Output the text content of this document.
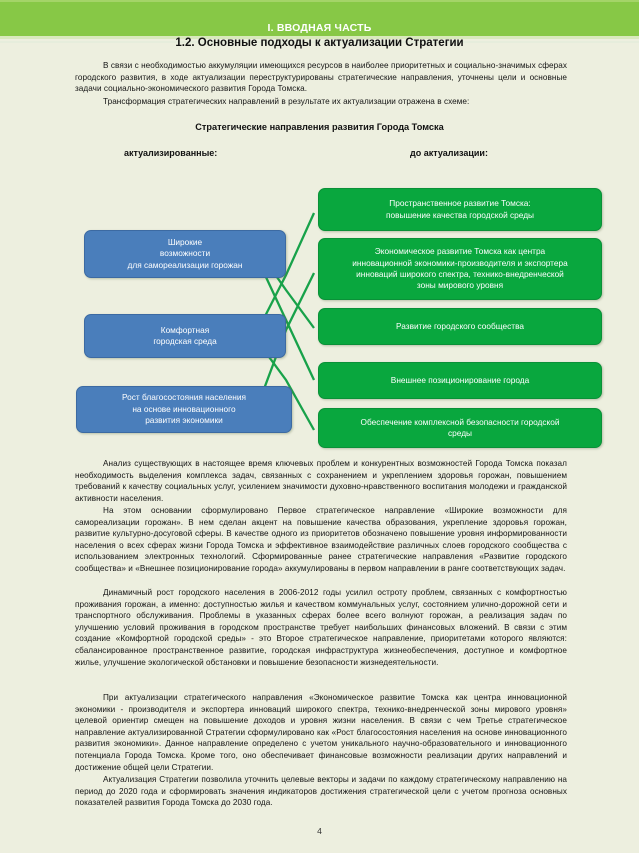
I. ВВОДНАЯ ЧАСТЬ
1.2. Основные подходы к актуализации Стратегии
В связи с необходимостью аккумуляции имеющихся ресурсов в наиболее приоритетных и социально-значимых сферах городского развития, в ходе актуализации переструктурированы стратегические направления, уточнены цели и основные задачи социально-экономического развития Города Томска.
Трансформация стратегических направлений в результате их актуализации отражена в схеме:
Стратегические направления развития Города Томска
актуализированные:	до актуализации:
Широкие
возможности
для самореализации горожан
Комфортная
городская среда
Рост благосостояния населения
на основе инновационного
развития экономики
Пространственное развитие Томска:
повышение качества городской среды
Экономическое развитие Томска как центра
инновационной экономики-производителя и экспортера
инноваций широкого спектра, технико-внедренческой
зоны мирового уровня
Развитие городского сообщества
Внешнее позиционирование города
Обеспечение комплексной безопасности городской
среды
Анализ существующих в настоящее время ключевых проблем и конкурентных возможностей Города Томска показал необходимость выделения комплекса задач, связанных с сохранением и укреплением здоровья горожан, повышением требований к качеству социальных услуг, усилением значимости духовно-нравственного воспитания молодежи и гражданской активности населения.
На этом основании сформулировано Первое стратегическое направление «Широкие возможности для самореализации горожан». В нем сделан акцент на повышение качества образования, укрепление здоровья горожан, развитие культурно-досуговой сферы. В качестве одного из приоритетов обозначено повышение уровня информированности населения о всех сферах жизни Города Томска и эффективное взаимодействие различных слоев городского сообщества с использованием электронных технологий. Сформированные ранее стратегические направления «Развитие городского сообщества» и «Внешнее позиционирование города» аккумулированы в первом направлении в ранге соответствующих задач.
Динамичный рост городского населения в 2006-2012 годы усилил остроту проблем, связанных с комфортностью проживания горожан, а именно: доступностью жилья и качеством коммунальных услуг, состоянием улично-дорожной сети и транспортного обслуживания. Проблемы в указанных сферах более всего волнуют горожан, а реализация задач по улучшению условий проживания в городском пространстве требует наибольших финансовых вложений. В связи с этим создание «Комфортной городской среды» - это Второе стратегическое направление, приоритетами которого являются: сбалансированное пространственное развитие, городская инфраструктура жизнеобеспечения, доступное и комфортное жилье, улучшение экологической обстановки и повышение безопасности жизнедеятельности.
При актуализации стратегического направления «Экономическое развитие Томска как центра инновационной экономики - производителя и экспортера инноваций широкого спектра, технико-внедренческой зоны мирового уровня» целевой ориентир смещен на повышение доходов и уровня жизни населения. В связи с чем Третье стратегическое направление актуализированной Стратегии сформулировано как «Рост благосостояния населения на основе инновационного развития экономики». Данное направление определено с учетом уникального научно-образовательного и инновационного потенциала Города Томска. Кроме того, оно обеспечивает финансовые возможности реализации других направлений и достижение общей цели Стратегии.
Актуализация Стратегии позволила уточнить целевые векторы и задачи по каждому стратегическому направлению на период до 2020 года и сформировать значения индикаторов достижения стратегической цели с учетом прогноза основных показателей развития Города Томска до 2030 года.
4
